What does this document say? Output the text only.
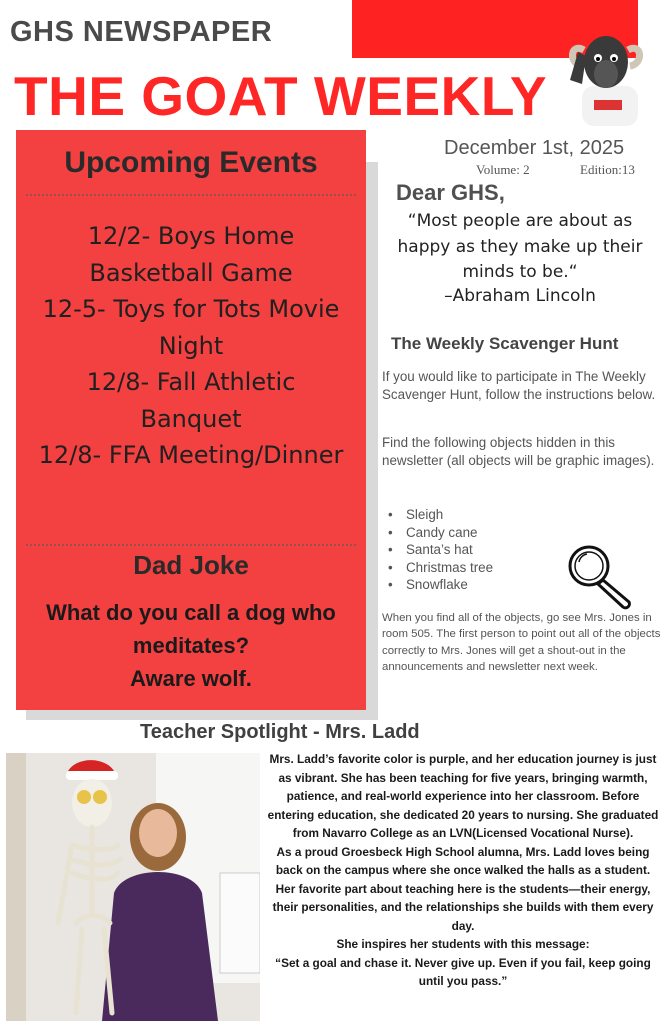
GHS NEWSPAPER
THE GOAT WEEKLY
Upcoming Events
12/2- Boys Home Basketball Game
12-5- Toys for Tots Movie Night
12/8- Fall Athletic Banquet
12/8- FFA Meeting/Dinner
Dad Joke
What do you call a dog who meditates?
Aware wolf.
December 1st, 2025
Volume: 2	Edition:13
Dear GHS,
“Most people are about as happy as they make up their minds to be.“
–Abraham Lincoln
The Weekly Scavenger Hunt
If you would like to participate in The Weekly Scavenger Hunt, follow the instructions below.
Find the following objects hidden in this newsletter (all objects will be graphic images).
• Sleigh
• Candy cane
• Santa’s hat
• Christmas tree
• Snowflake
When you find all of the objects, go see Mrs. Jones in room 505. The first person to point out all of the objects correctly to Mrs. Jones will get a shout-out in the announcements and newsletter next week.
Teacher Spotlight - Mrs. Ladd

Mrs. Ladd’s favorite color is purple, and her education journey is just as vibrant. She has been teaching for five years, bringing warmth, patience, and real-world experience into her classroom. Before entering education, she dedicated 20 years to nursing. She graduated from Navarro College as an LVN(Licensed Vocational Nurse).

As a proud Groesbeck High School alumna, Mrs. Ladd loves being back on the campus where she once walked the halls as a student. Her favorite part about teaching here is the students—their energy, their personalities, and the relationships she builds with them every day.

She inspires her students with this message:

“Set a goal and chase it. Never give up. Even if you fail, keep going until you pass.”
